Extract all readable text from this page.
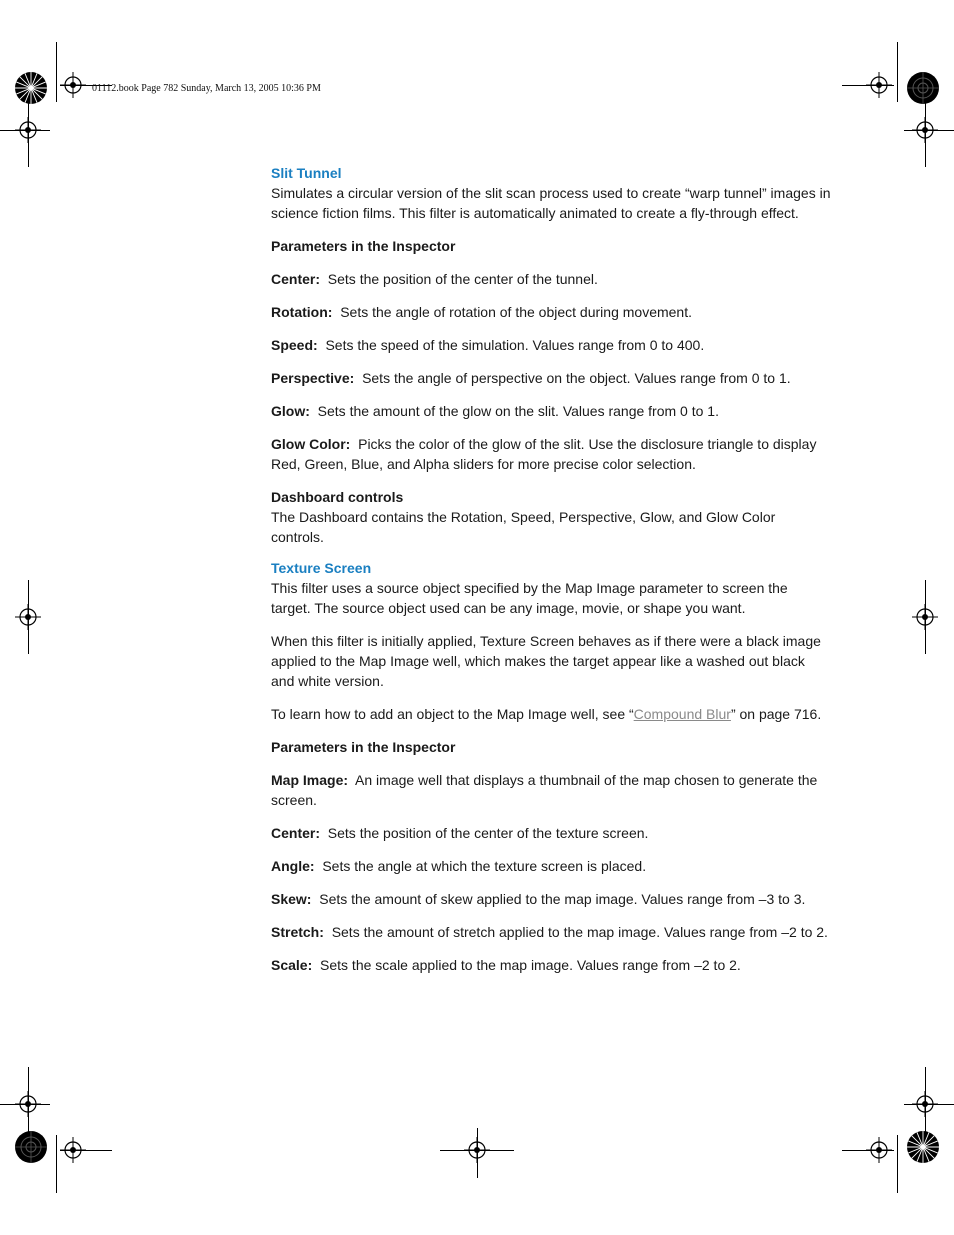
01112.book Page 782 Sunday, March 13, 2005 10:36 PM
Slit Tunnel

Simulates a circular version of the slit scan process used to create “warp tunnel” images in science fiction films. This filter is automatically animated to create a fly-through effect.

Parameters in the Inspector

Center: Sets the position of the center of the tunnel.

Rotation: Sets the angle of rotation of the object during movement.

Speed: Sets the speed of the simulation. Values range from 0 to 400.

Perspective: Sets the angle of perspective on the object. Values range from 0 to 1.

Glow: Sets the amount of the glow on the slit. Values range from 0 to 1.

Glow Color: Picks the color of the glow of the slit. Use the disclosure triangle to display Red, Green, Blue, and Alpha sliders for more precise color selection.

Dashboard controls

The Dashboard contains the Rotation, Speed, Perspective, Glow, and Glow Color controls.

Texture Screen

This filter uses a source object specified by the Map Image parameter to screen the target. The source object used can be any image, movie, or shape you want.

When this filter is initially applied, Texture Screen behaves as if there were a black image applied to the Map Image well, which makes the target appear like a washed out black and white version.

To learn how to add an object to the Map Image well, see “Compound Blur” on page 716.

Parameters in the Inspector

Map Image: An image well that displays a thumbnail of the map chosen to generate the screen.

Center: Sets the position of the center of the texture screen.

Angle: Sets the angle at which the texture screen is placed.

Skew: Sets the amount of skew applied to the map image. Values range from –3 to 3.

Stretch: Sets the amount of stretch applied to the map image. Values range from –2 to 2.

Scale: Sets the scale applied to the map image. Values range from –2 to 2.
